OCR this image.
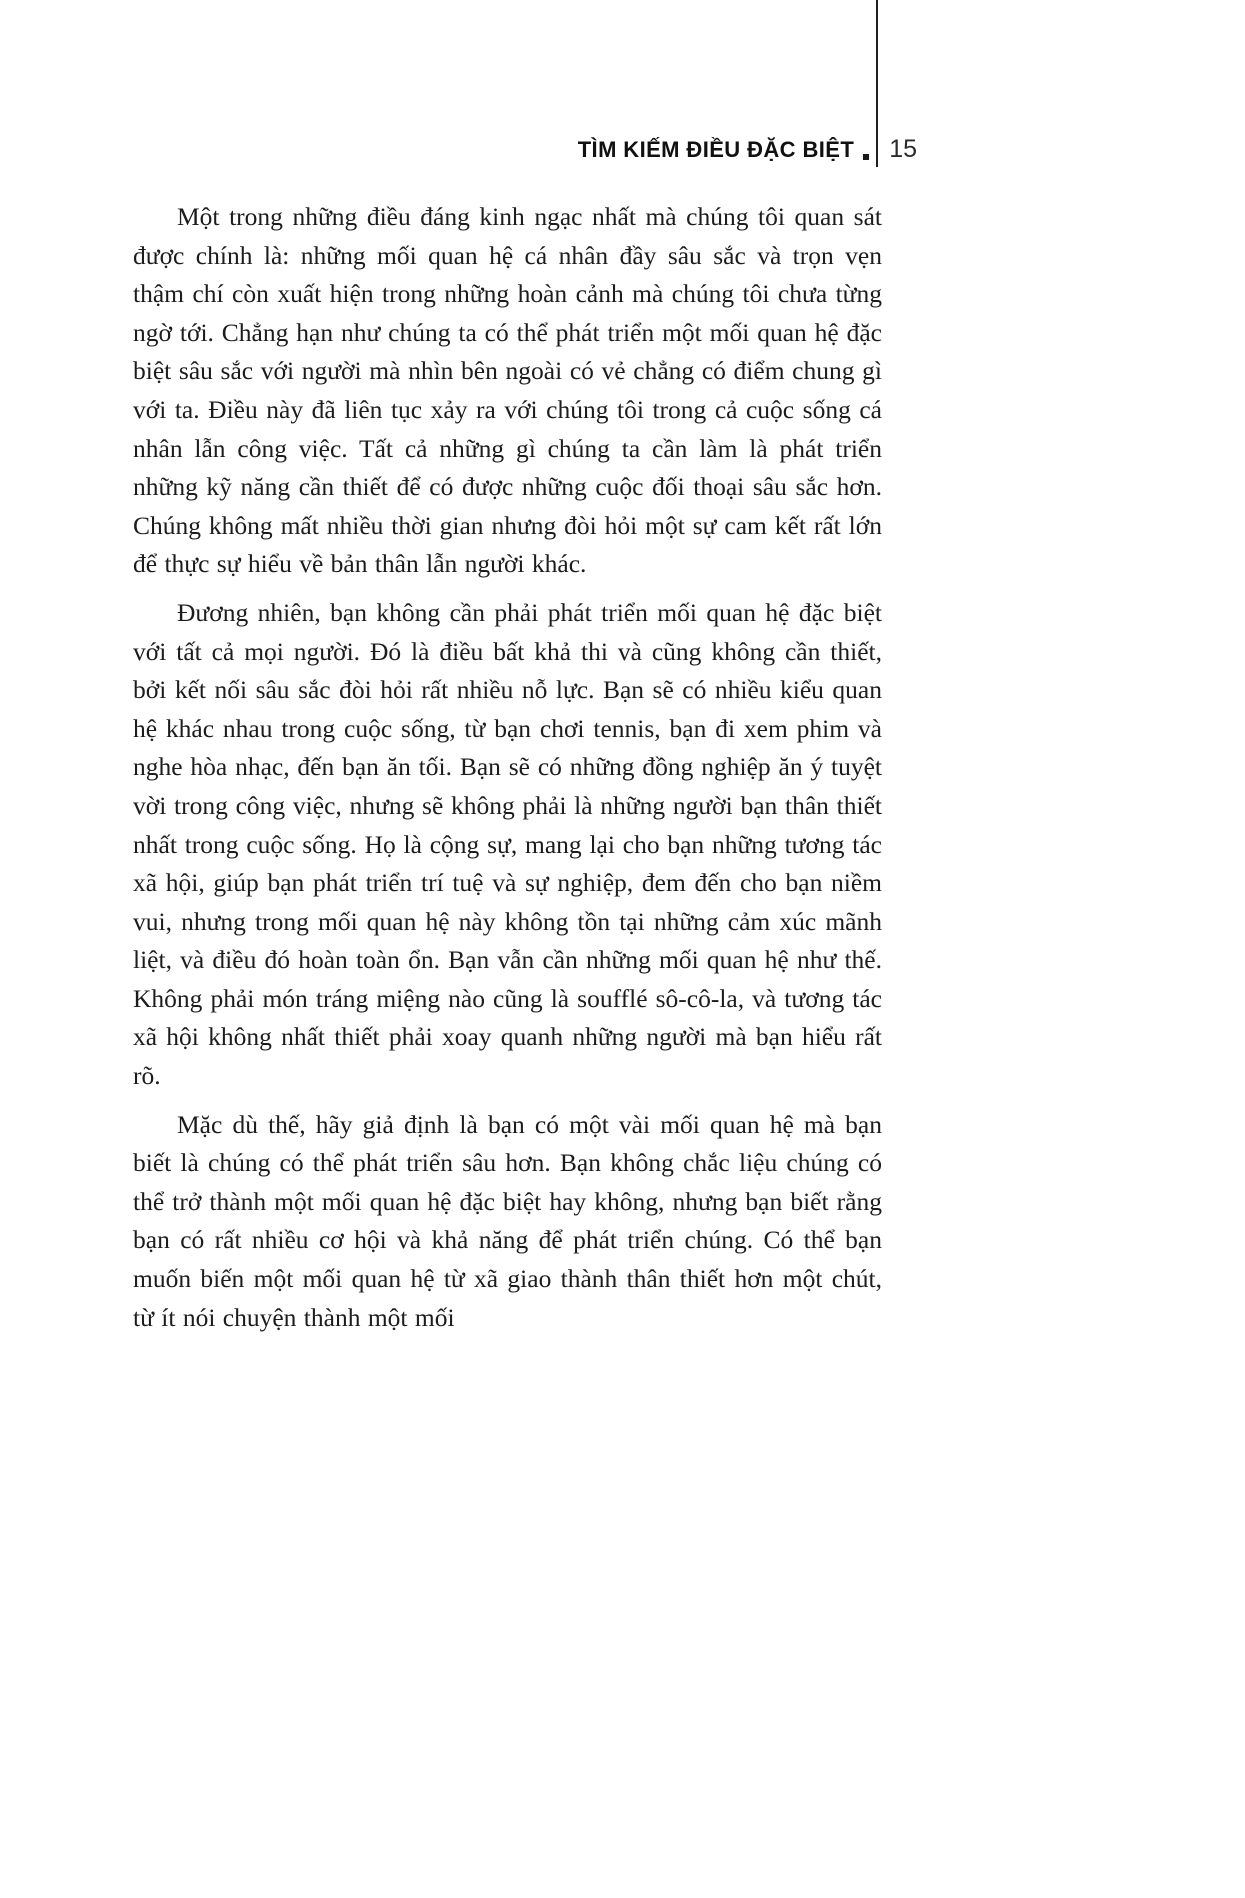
TÌM KIẾM ĐIỀU ĐẶC BIỆT 15

Một trong những điều đáng kinh ngạc nhất mà chúng tôi quan sát được chính là: những mối quan hệ cá nhân đầy sâu sắc và trọn vẹn thậm chí còn xuất hiện trong những hoàn cảnh mà chúng tôi chưa từng ngờ tới. Chẳng hạn như chúng ta có thể phát triển một mối quan hệ đặc biệt sâu sắc với người mà nhìn bên ngoài có vẻ chẳng có điểm chung gì với ta. Điều này đã liên tục xảy ra với chúng tôi trong cả cuộc sống cá nhân lẫn công việc. Tất cả những gì chúng ta cần làm là phát triển những kỹ năng cần thiết để có được những cuộc đối thoại sâu sắc hơn. Chúng không mất nhiều thời gian nhưng đòi hỏi một sự cam kết rất lớn để thực sự hiểu về bản thân lẫn người khác.

Đương nhiên, bạn không cần phải phát triển mối quan hệ đặc biệt với tất cả mọi người. Đó là điều bất khả thi và cũng không cần thiết, bởi kết nối sâu sắc đòi hỏi rất nhiều nỗ lực. Bạn sẽ có nhiều kiểu quan hệ khác nhau trong cuộc sống, từ bạn chơi tennis, bạn đi xem phim và nghe hòa nhạc, đến bạn ăn tối. Bạn sẽ có những đồng nghiệp ăn ý tuyệt vời trong công việc, nhưng sẽ không phải là những người bạn thân thiết nhất trong cuộc sống. Họ là cộng sự, mang lại cho bạn những tương tác xã hội, giúp bạn phát triển trí tuệ và sự nghiệp, đem đến cho bạn niềm vui, nhưng trong mối quan hệ này không tồn tại những cảm xúc mãnh liệt, và điều đó hoàn toàn ổn. Bạn vẫn cần những mối quan hệ như thế. Không phải món tráng miệng nào cũng là soufflé sô-cô-la, và tương tác xã hội không nhất thiết phải xoay quanh những người mà bạn hiểu rất rõ.

Mặc dù thế, hãy giả định là bạn có một vài mối quan hệ mà bạn biết là chúng có thể phát triển sâu hơn. Bạn không chắc liệu chúng có thể trở thành một mối quan hệ đặc biệt hay không, nhưng bạn biết rằng bạn có rất nhiều cơ hội và khả năng để phát triển chúng. Có thể bạn muốn biến một mối quan hệ từ xã giao thành thân thiết hơn một chút, từ ít nói chuyện thành một mối
